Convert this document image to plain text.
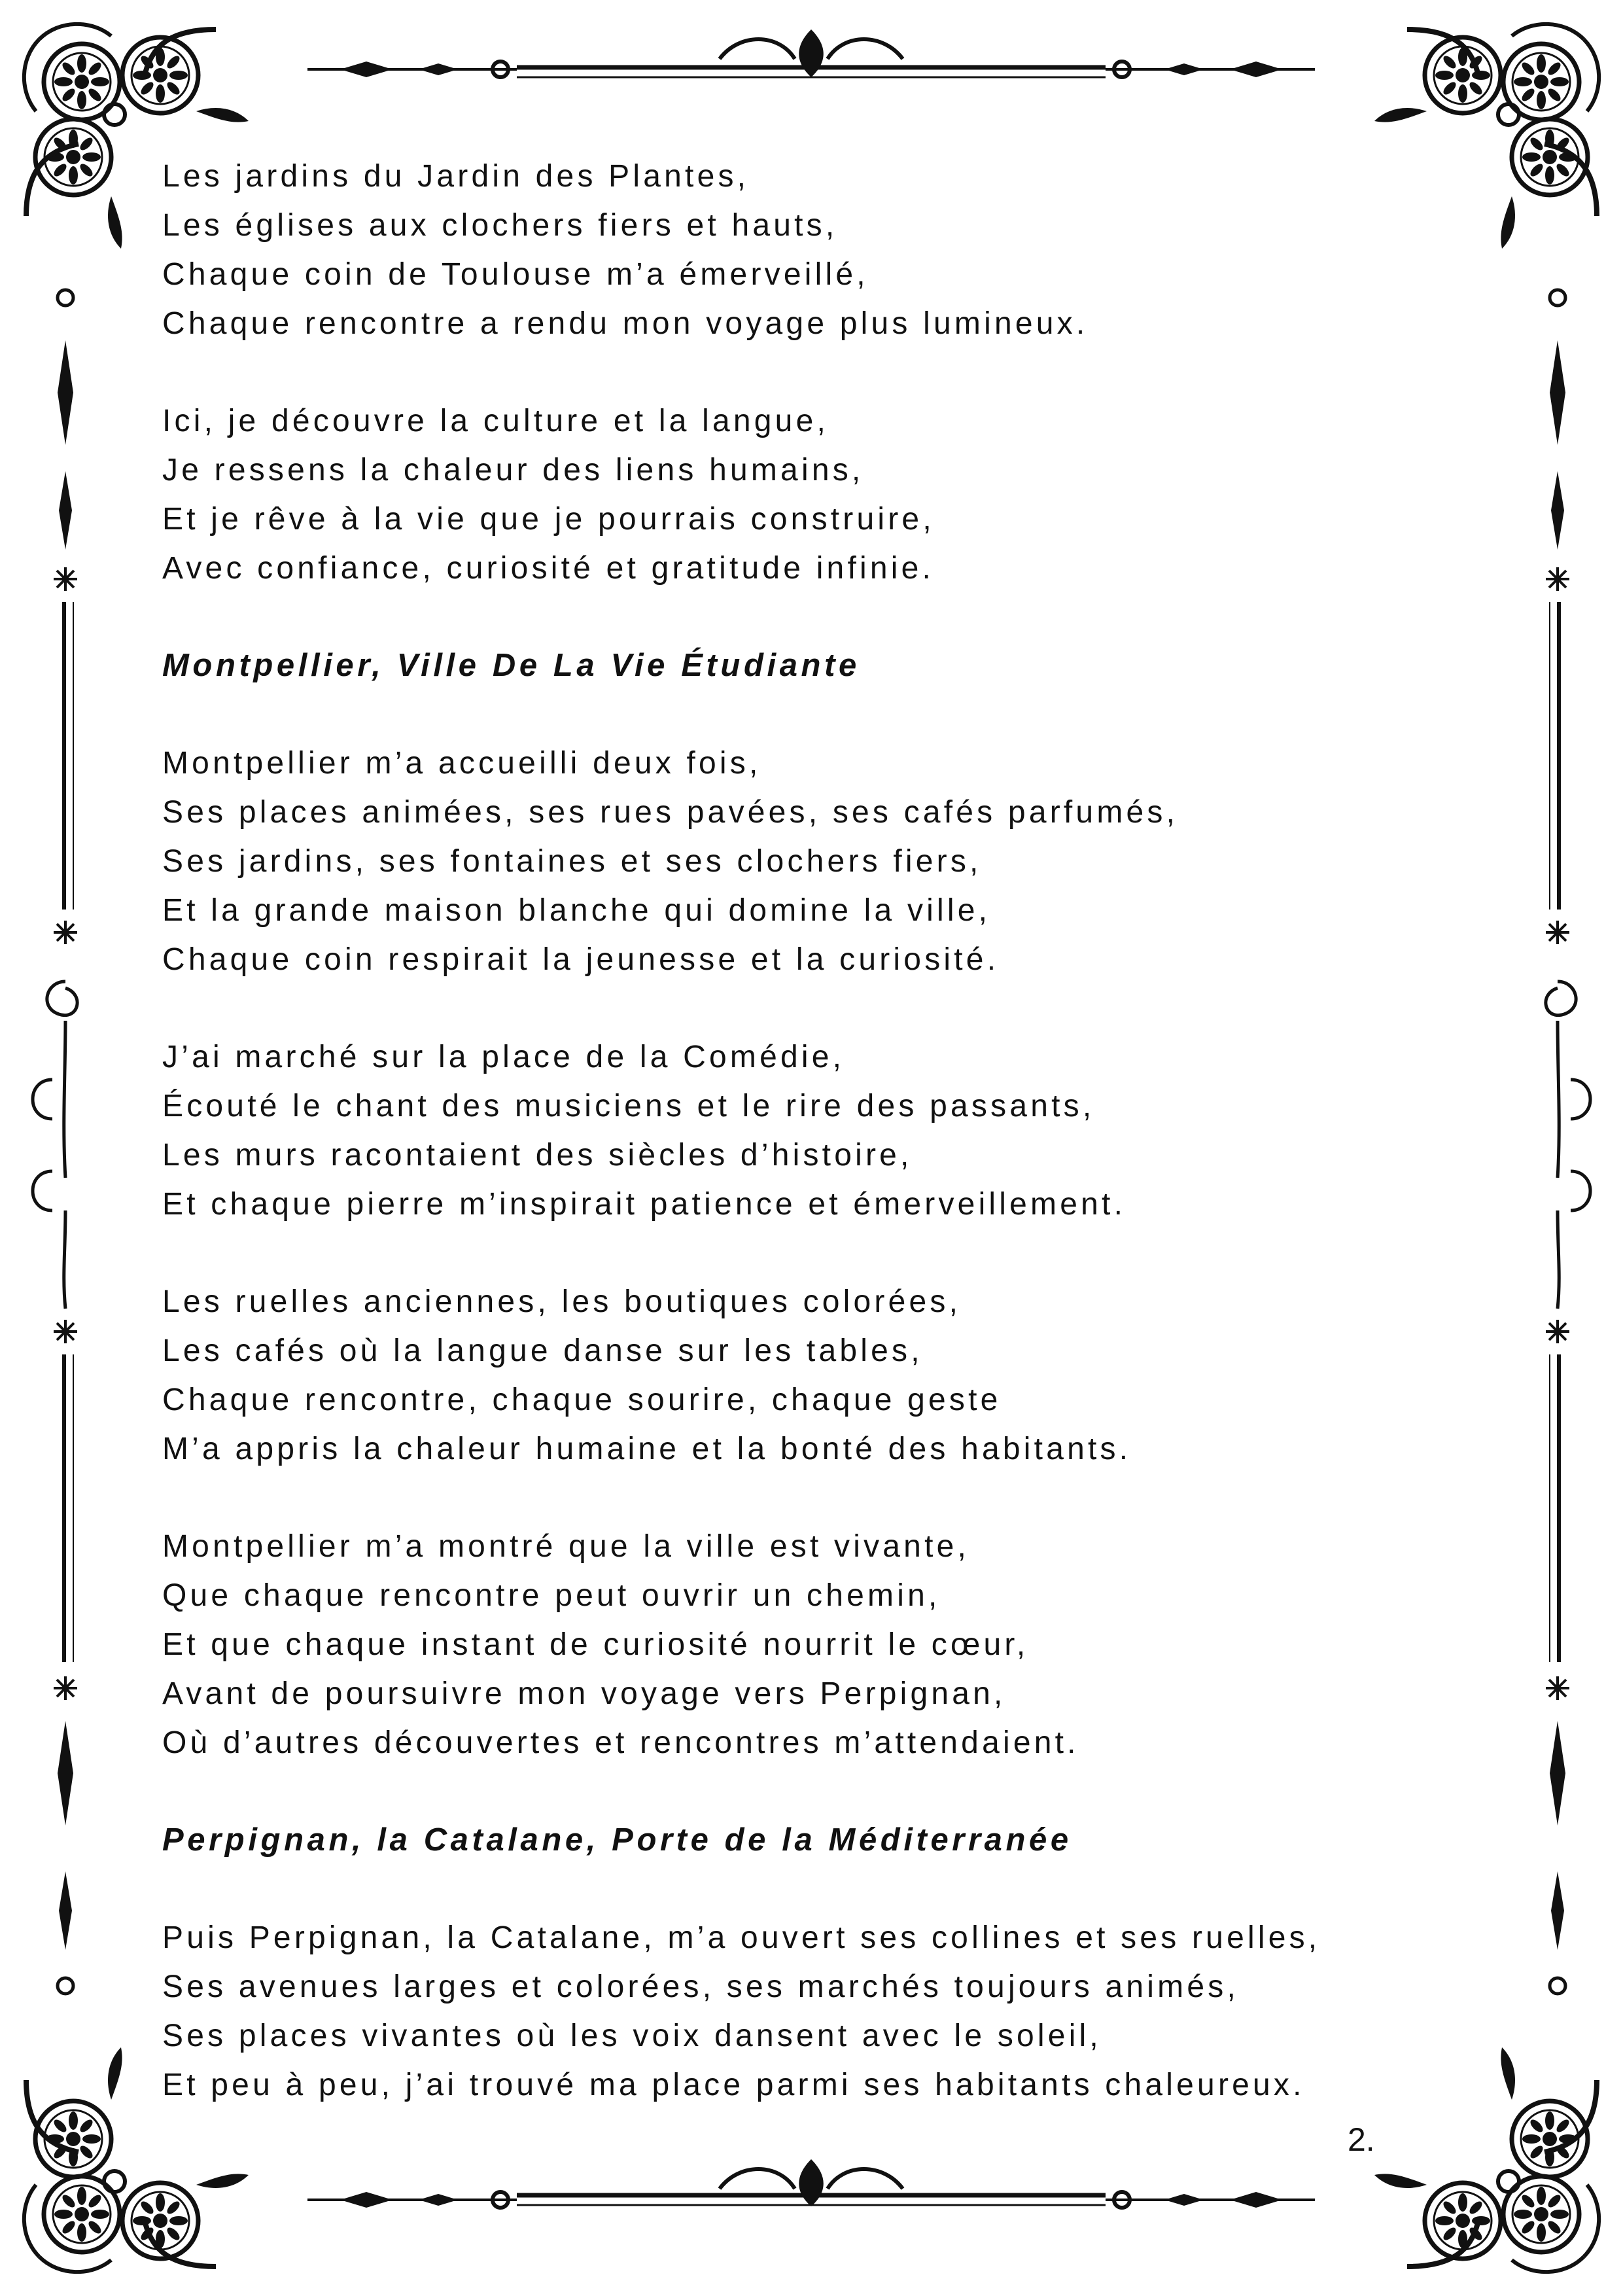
Les jardins du Jardin des Plantes,
Les églises aux clochers fiers et hauts,
Chaque coin de Toulouse m’a émerveillé,
Chaque rencontre a rendu mon voyage plus lumineux.
Ici, je découvre la culture et la langue,
Je ressens la chaleur des liens humains,
Et je rêve à la vie que je pourrais construire,
Avec confiance, curiosité et gratitude infinie.
Montpellier, Ville De La Vie Étudiante
Montpellier m’a accueilli deux fois,
Ses places animées, ses rues pavées, ses cafés parfumés,
Ses jardins, ses fontaines et ses clochers fiers,
Et la grande maison blanche qui domine la ville,
Chaque coin respirait la jeunesse et la curiosité.
J’ai marché sur la place de la Comédie,
Écouté le chant des musiciens et le rire des passants,
Les murs racontaient des siècles d’histoire,
Et chaque pierre m’inspirait patience et émerveillement.
Les ruelles anciennes, les boutiques colorées,
Les cafés où la langue danse sur les tables,
Chaque rencontre, chaque sourire, chaque geste
M’a appris la chaleur humaine et la bonté des habitants.
Montpellier m’a montré que la ville est vivante,
Que chaque rencontre peut ouvrir un chemin,
Et que chaque instant de curiosité nourrit le cœur,
Avant de poursuivre mon voyage vers Perpignan,
Où d’autres découvertes et rencontres m’attendaient.
Perpignan, la Catalane, Porte de la Méditerranée
Puis Perpignan, la Catalane, m’a ouvert ses collines et ses ruelles,
Ses avenues larges et colorées, ses marchés toujours animés,
Ses places vivantes où les voix dansent avec le soleil,
Et peu à peu, j’ai trouvé ma place parmi ses habitants chaleureux.
2.
